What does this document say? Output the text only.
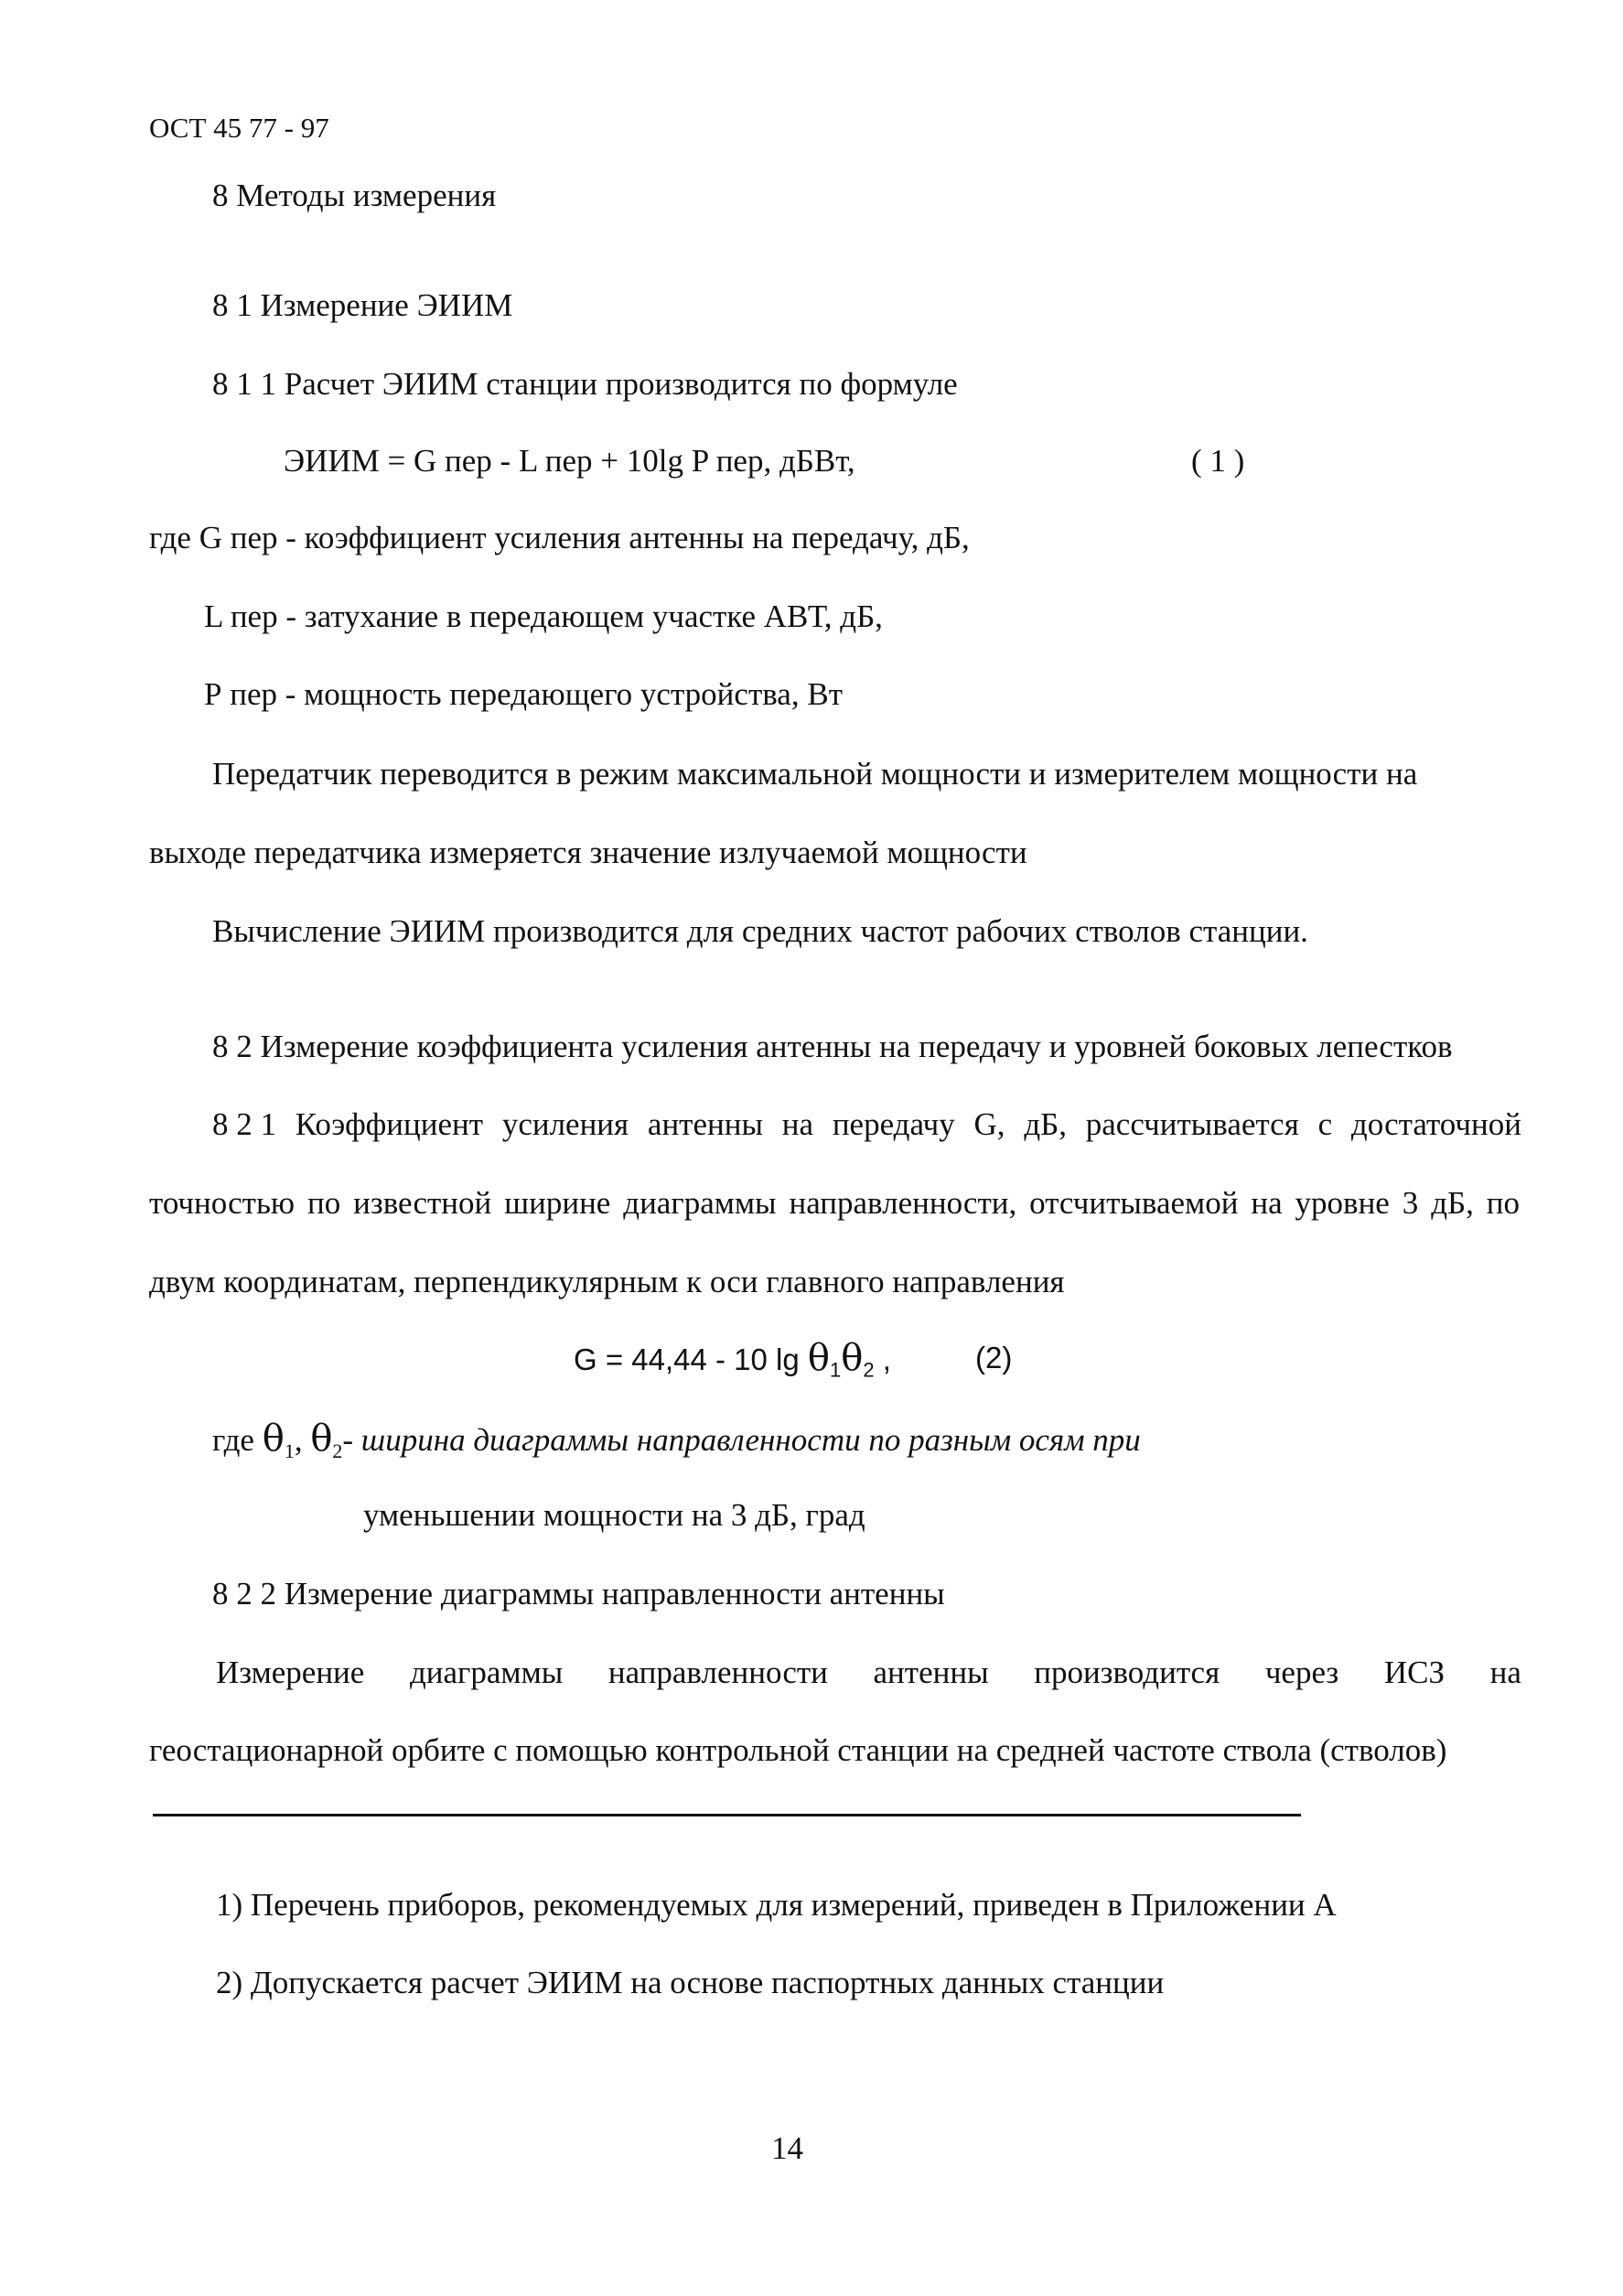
ОСТ 45 77 - 97
8 Методы измерения
8 1 Измерение ЭИИМ
8 1 1 Расчет ЭИИМ станции производится по формуле
ЭИИМ = G пер - L пер + 10lg P пер, дБВт,	( 1 )
где G пер - коэффициент усиления антенны на передачу, дБ,
L пер - затухание в передающем участке АВТ, дБ,
Р пер - мощность передающего устройства, Вт
Передатчик переводится в режим максимальной мощности и измерителем мощности на
выходе передатчика измеряется значение излучаемой мощности
Вычисление ЭИИМ производится для средних частот рабочих стволов станции.
8 2 Измерение коэффициента усиления антенны на передачу и уровней боковых лепестков
8 2 1 Коэффициент усиления антенны на передачу G, дБ, рассчитывается с достаточной
точностью по известной ширине диаграммы направленности, отсчитываемой на уровне 3 дБ, по
двум координатам, перпендикулярным к оси главного направления
G = 44,44 - 10 $\lg \theta_1\theta_2$ ,	(2)
где $\theta_1$, $\theta_2-$ ширина диаграммы направленности по разным осям при
уменьшении мощности на 3 дБ, град
8 2 2 Измерение диаграммы направленности антенны
Измерение диаграммы направленности антенны производится через ИСЗ на
геостационарной орбите с помощью контрольной станции на средней частоте ствола (стволов)
1) Перечень приборов, рекомендуемых для измерений, приведен в Приложении А
2) Допускается расчет ЭИИМ на основе паспортных данных станции
14
